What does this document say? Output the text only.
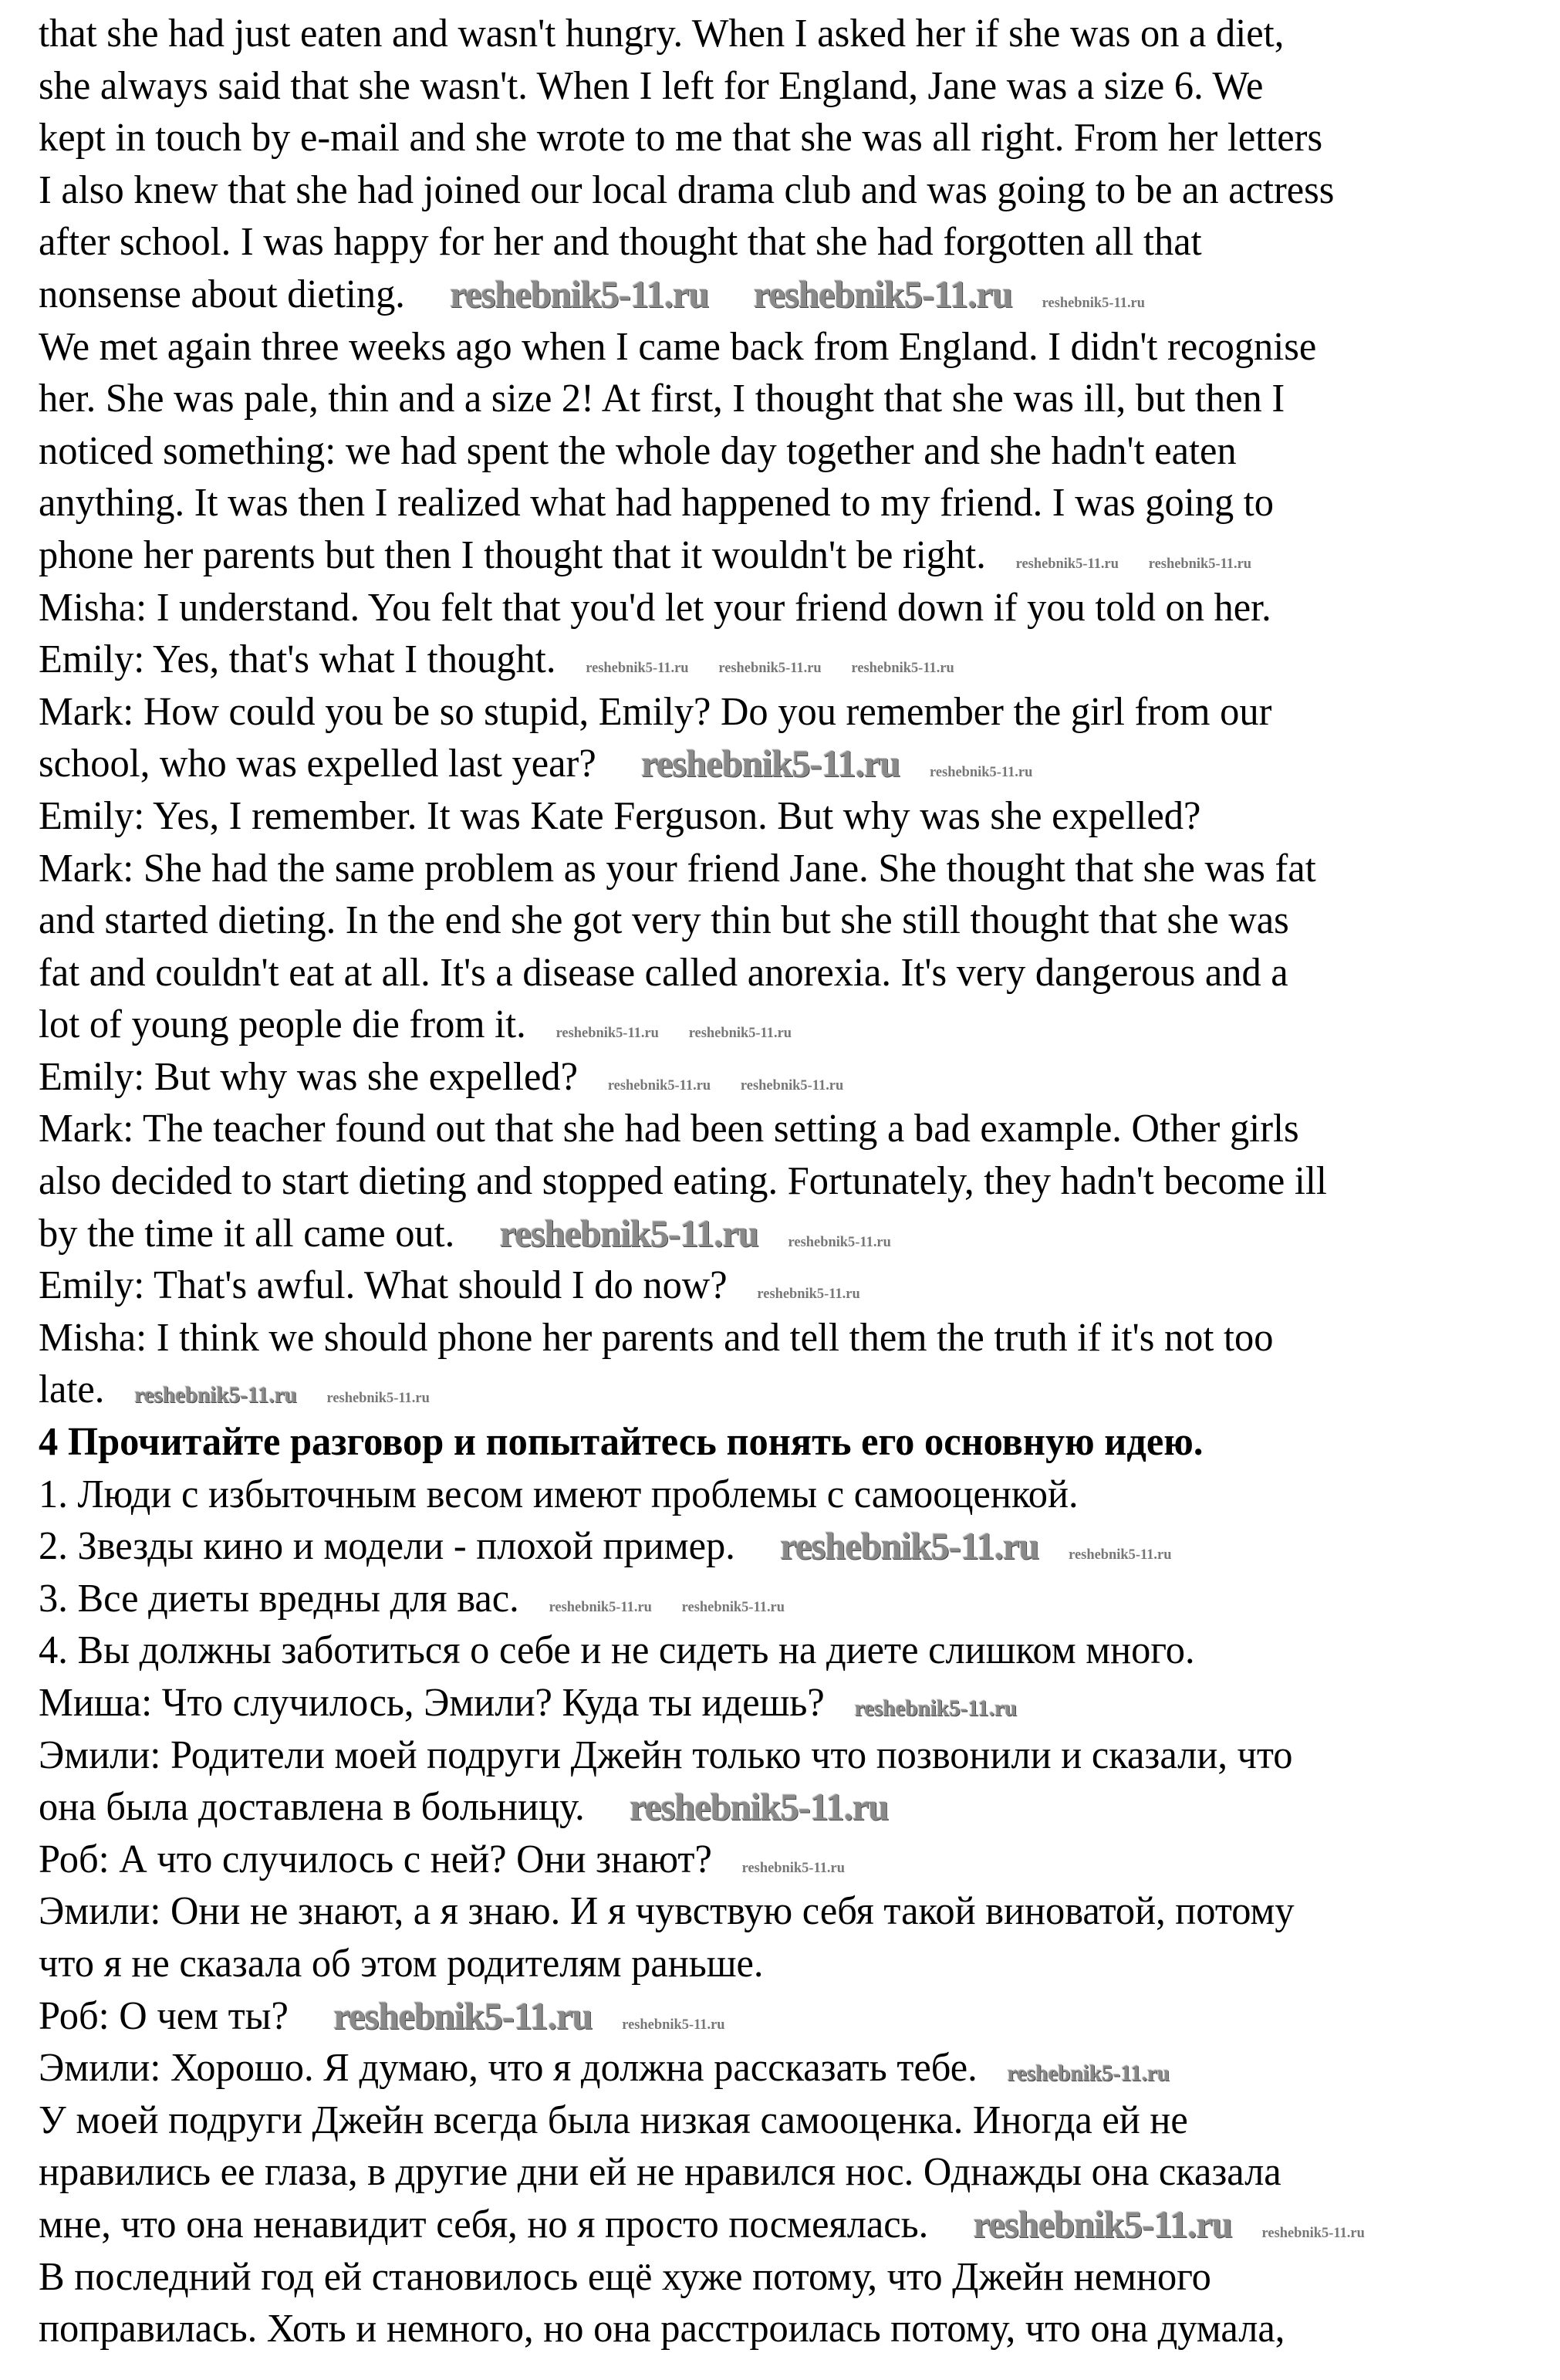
that she had just eaten and wasn't hungry. When I asked her if she was on a diet,
she always said that she wasn't. When I left for England, Jane was a size 6. We
kept in touch by e-mail and she wrote to me that she was all right. From her letters
I also knew that she had joined our local drama club and was going to be an actress
after school. I was happy for her and thought that she had forgotten all that
nonsense about dieting. reshebnik5-11.ru reshebnik5-11.ru reshebnik5-11.ru
We met again three weeks ago when I came back from England. I didn't recognise
her. She was pale, thin and a size 2! At first, I thought that she was ill, but then I
noticed something: we had spent the whole day together and she hadn't eaten
anything. It was then I realized what had happened to my friend. I was going to
phone her parents but then I thought that it wouldn't be right. reshebnik5-11.ru reshebnik5-11.ru
Misha: I understand. You felt that you'd let your friend down if you told on her.
Emily: Yes, that's what I thought. reshebnik5-11.ru reshebnik5-11.ru reshebnik5-11.ru
Mark: How could you be so stupid, Emily? Do you remember the girl from our
school, who was expelled last year? reshebnik5-11.ru reshebnik5-11.ru
Emily: Yes, I remember. It was Kate Ferguson. But why was she expelled?
Mark: She had the same problem as your friend Jane. She thought that she was fat
and started dieting. In the end she got very thin but she still thought that she was
fat and couldn't eat at all. It's a disease called anorexia. It's very dangerous and a
lot of young people die from it. reshebnik5-11.ru reshebnik5-11.ru
Emily: But why was she expelled? reshebnik5-11.ru reshebnik5-11.ru
Mark: The teacher found out that she had been setting a bad example. Other girls
also decided to start dieting and stopped eating. Fortunately, they hadn't become ill
by the time it all came out. reshebnik5-11.ru reshebnik5-11.ru
Emily: That's awful. What should I do now? reshebnik5-11.ru
Misha: I think we should phone her parents and tell them the truth if it's not too
late. reshebnik5-11.ru reshebnik5-11.ru
4 Прочитайте разговор и попытайтесь понять его основную идею.
1. Люди с избыточным весом имеют проблемы с самооценкой.
2. Звезды кино и модели - плохой пример. reshebnik5-11.ru reshebnik5-11.ru
3. Все диеты вредны для вас. reshebnik5-11.ru reshebnik5-11.ru
4. Вы должны заботиться о себе и не сидеть на диете слишком много.
Миша: Что случилось, Эмили? Куда ты идешь? reshebnik5-11.ru
Эмили: Родители моей подруги Джейн только что позвонили и сказали, что
она была доставлена в больницу. reshebnik5-11.ru
Роб: А что случилось с ней? Они знают? reshebnik5-11.ru
Эмили: Они не знают, а я знаю. И я чувствую себя такой виноватой, потому
что я не сказала об этом родителям раньше.
Роб: О чем ты? reshebnik5-11.ru reshebnik5-11.ru
Эмили: Хорошо. Я думаю, что я должна рассказать тебе. reshebnik5-11.ru
У моей подруги Джейн всегда была низкая самооценка. Иногда ей не
нравились ее глаза, в другие дни ей не нравился нос. Однажды она сказала
мне, что она ненавидит себя, но я просто посмеялась. reshebnik5-11.ru reshebnik5-11.ru
В последний год ей становилось ещё хуже потому, что Джейн немного
поправилась. Хоть и немного, но она расстроилась потому, что она думала,
